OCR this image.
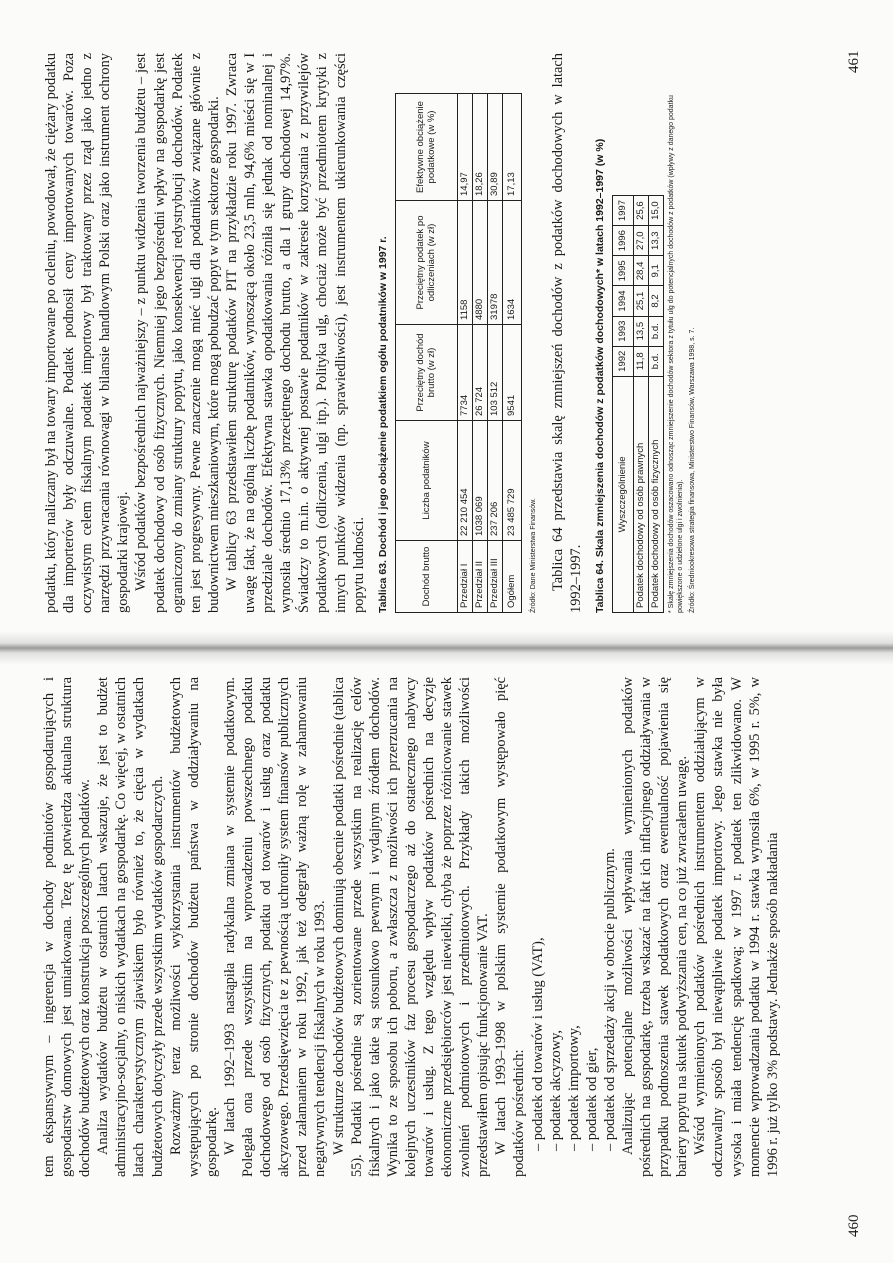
tem ekspansywnym – ingerencja w dochody podmiotów gospodarujących i gospodarstw domowych jest umiarkowana. Tezę tę potwierdza aktualna struktura dochodów budżetowych oraz konstrukcja poszczególnych podatków. Analiza wydatków budżetu w ostatnich latach wskazuje, że jest to budżet administracyjno-socjalny, o niskich wydatkach na gospodarkę. Co więcej, w ostatnich latach charakterystycznym zjawiskiem było również to, że cięcia w wydatkach budżetowych dotyczyły przede wszystkim wydatków gospodarczych. Rozważmy teraz możliwości wykorzystania instrumentów budżetowych występujących po stronie dochodów budżetu państwa w oddziaływaniu na gospodarkę. W latach 1992–1993 nastąpiła radykalna zmiana w systemie podatkowym. Polegała ona przede wszystkim na wprowadzeniu powszechnego podatku dochodowego od osób fizycznych, podatku od towarów i usług oraz podatku akcyzowego. Przedsięwzięcia te z pewnością uchroniły system finansów publicznych przed załamaniem w roku 1992, jak też odegrały ważną rolę w zahamowaniu negatywnych tendencji fiskalnych w roku 1993. W strukturze dochodów budżetowych dominują obecnie podatki pośrednie (tablica 55). Podatki pośrednie są zorientowane przede wszystkim na realizację celów fiskalnych i jako takie są stosunkowo pewnym i wydajnym źródłem dochodów. Wynika to ze sposobu ich poboru, a zwłaszcza z możliwości ich przerzucania na kolejnych uczestników faz procesu gospodarczego aż do ostatecznego nabywcy towarów i usług. Z tego względu wpływ podatków pośrednich na decyzje ekonomiczne przedsiębiorców jest niewielki, chyba że poprzez różnicowanie stawek zwolnień podmiotowych i przedmiotowych. Przykłady takich możliwości przedstawiłem opisując funkcjonowanie VAT. W latach 1993–1998 w polskim systemie podatkowym występowało pięć podatków pośrednich: – podatek od towarów i usług (VAT), – podatek akcyzowy, – podatek importowy, – podatek od gier, – podatek od sprzedaży akcji w obrocie publicznym. Analizując potencjalne możliwości wpływania wymienionych podatków pośrednich na gospodarkę, trzeba wskazać na fakt ich inflacyjnego oddziaływania w przypadku podnoszenia stawek podatkowych oraz ewentualność pojawienia się bariery popytu na skutek podwyższania cen, na co już zwracałem uwagę. Wśród wymienionych podatków pośrednich instrumentem oddziałującym w odczuwalny sposób był niewątpliwie podatek importowy. Jego stawka nie była wysoka i miała tendencję spadkową; w 1997 r. podatek ten zlikwidowano. W momencie wprowadzania podatku w 1994 r. stawka wynosiła 6%, w 1995 r. 5%, w 1996 r. już tylko 3% podstawy. Jednakże sposób nakładania

460

podatku, który naliczany był na towary importowane po ocleniu, powodował, że ciężary podatku dla importerów były odczuwalne. Podatek podnosił ceny importowanych towarów. Poza oczywistym celem fiskalnym podatek importowy był traktowany przez rząd jako jedno z narzędzi przywracania równowagi w bilansie handlowym Polski oraz jako instrument ochrony gospodarki krajowej. Wśród podatków bezpośrednich najważniejszy – z punktu widzenia tworzenia budżetu – jest podatek dochodowy od osób fizycznych. Niemniej jego bezpośredni wpływ na gospodarkę jest ograniczony do zmiany struktury popytu, jako konsekwencji redystrybucji dochodów. Podatek ten jest progresywny. Pewne znaczenie mogą mieć ulgi dla podatników związane głównie z budownictwem mieszkaniowym, które mogą pobudzać popyt w tym sektorze gospodarki. W tablicy 63 przedstawiłem strukturę podatków PIT na przykładzie roku 1997. Zwraca uwagę fakt, że na ogólną liczbę podatników, wynoszącą około 23,5 mln, 94,6% mieści się w I przedziale dochodów. Efektywna stawka opodatkowania różniła się jednak od nominalnej i wynosiła średnio 17,13% przeciętnego dochodu brutto, a dla I grupy dochodowej 14,97%. Świadczy to m.in. o aktywnej postawie podatników w zakresie korzystania z przywilejów podatkowych (odliczenia, ulgi itp.). Polityka ulg, chociaż może być przedmiotem krytyki z innych punktów widzenia (np. sprawiedliwości), jest instrumentem ukierunkowania części popytu ludności. Tablica 63. Dochód i jego obciążenie podatkiem ogółu podatników w 1997 r.	Dochód brutto	Liczba podatników	Przeciętny dochód brutto (w zł)	Przeciętny podatek po odliczeniach (w zł)	Efektywne obciążenie podatkowe (w %)
Przedział I	22 210 454	7734	1158	14,97
Przedział II	1038 069	26 724	4880	18,26
Przedział III	237 206	103 512	31978	30,89
Ogółem	23 485 729	9541	1634	17,13
Źródło: Dane Ministerstwa Finansów. Tablica 64 przedstawia skalę zmniejszeń dochodów z podatków dochodowych w latach 1992–1997. Tablica 64. Skala zmniejszenia dochodów z podatków dochodowych* w latach 1992–1997 (w %)	Wyszczególnienie	1992	1993	1994	1995	1996	1997
Podatek dochodowy od osób prawnych	11,8	13,5	25,1	28,4	27,0	25,6
Podatek dochodowy od osób fizycznych	b.d.	b.d.	8,2	9,1	13,3	15,0 * Skalę zmniejszenia dochodów oszacowano odnosząc zmniejszenie dochodów sektora z tytułu ulg do potencjalnych dochodów z podatków (wpływy z danego podatku powiększone o udzielone ulgi i zwolnienia). Źródło: Średniookresowa strategia finansowa, Ministerstwo Finansów, Warszawa 1998, s. 7.
461
